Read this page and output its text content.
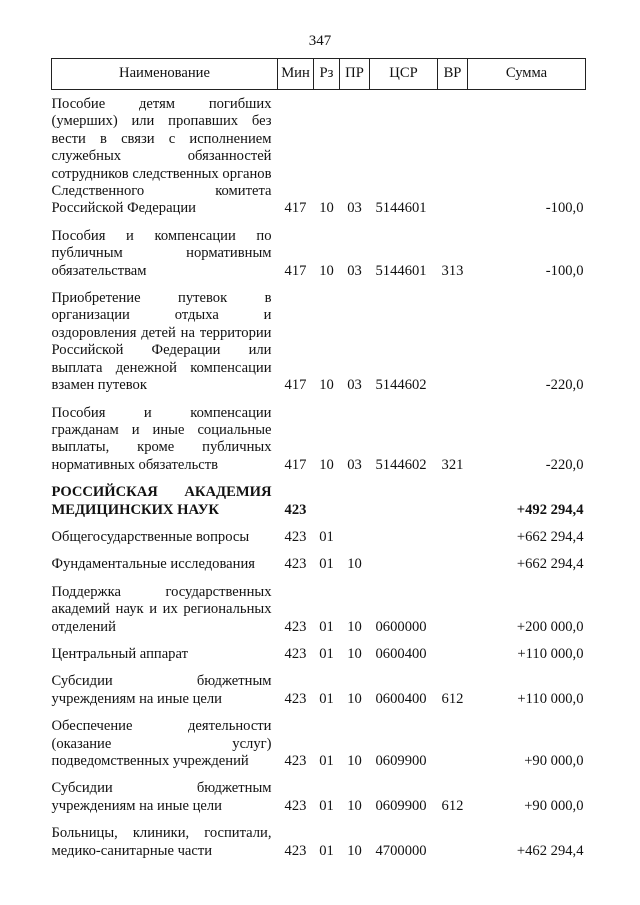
347
Наименование	Мин	Рз	ПР	ЦСР	ВР	Сумма
Пособие детям погибших (умерших) или пропавших без вести в связи с исполнением служебных обязанностей сотрудников следственных органов Следственного комитета Российской Федерации	417	10	03	5144601		-100,0
Пособия и компенсации по публичным нормативным обязательствам	417	10	03	5144601	313	-100,0
Приобретение путевок в организации отдыха и оздоровления детей на территории Российской Федерации или выплата денежной компенсации взамен путевок	417	10	03	5144602		-220,0
Пособия и компенсации гражданам и иные социальные выплаты, кроме публичных нормативных обязательств	417	10	03	5144602	321	-220,0
РОССИЙСКАЯ АКАДЕМИЯ МЕДИЦИНСКИХ НАУК	423					+492 294,4
Общегосударственные вопросы	423	01				+662 294,4
Фундаментальные исследования	423	01	10			+662 294,4
Поддержка государственных академий наук и их региональных отделений	423	01	10	0600000		+200 000,0
Центральный аппарат	423	01	10	0600400		+110 000,0
Субсидии бюджетным учреждениям на иные цели	423	01	10	0600400	612	+110 000,0
Обеспечение деятельности (оказание услуг) подведомственных учреждений	423	01	10	0609900		+90 000,0
Субсидии бюджетным учреждениям на иные цели	423	01	10	0609900	612	+90 000,0
Больницы, клиники, госпитали, медико-санитарные части	423	01	10	4700000		+462 294,4
